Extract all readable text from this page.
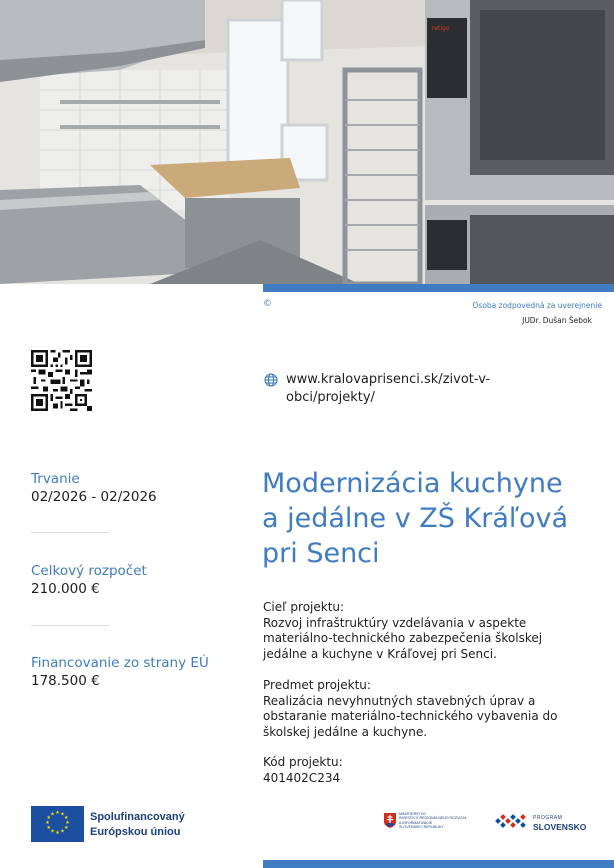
retigo
©	Osoba zodpovedná za uverejnenie
JUDr. Dušan Šebok
www.kralovaprisenci.sk/zivot-v-obci/projekty/
Trvanie
02/2026 - 02/2026
Celkový rozpočet
210.000 €
Financovanie zo strany EÚ
178.500 €
Modernizácia kuchyne a jedálne v ZŠ Kráľová pri Senci
Cieľ projektu:
Rozvoj infraštruktúry vzdelávania v aspekte materiálno-technického zabezpečenia školskej jedálne a kuchyne v Kráľovej pri Senci.
Predmet projektu:
Realizácia nevyhnutných stavebných úprav a obstaranie materiálno-technického vybavenia do školskej jedálne a kuchyne.
Kód projektu:
401402C234
★ ★
★
★
★
★
★
★
★
★
★
★	Spolufinancovaný
Európskou úniou
MINISTERSTVO
INVESTÍCIÍ, REGIONÁLNEHO ROZVOJA
A INFORMATIZÁCIE
SLOVENSKEJ REPUBLIKY
PROGRAM
SLOVENSKO
